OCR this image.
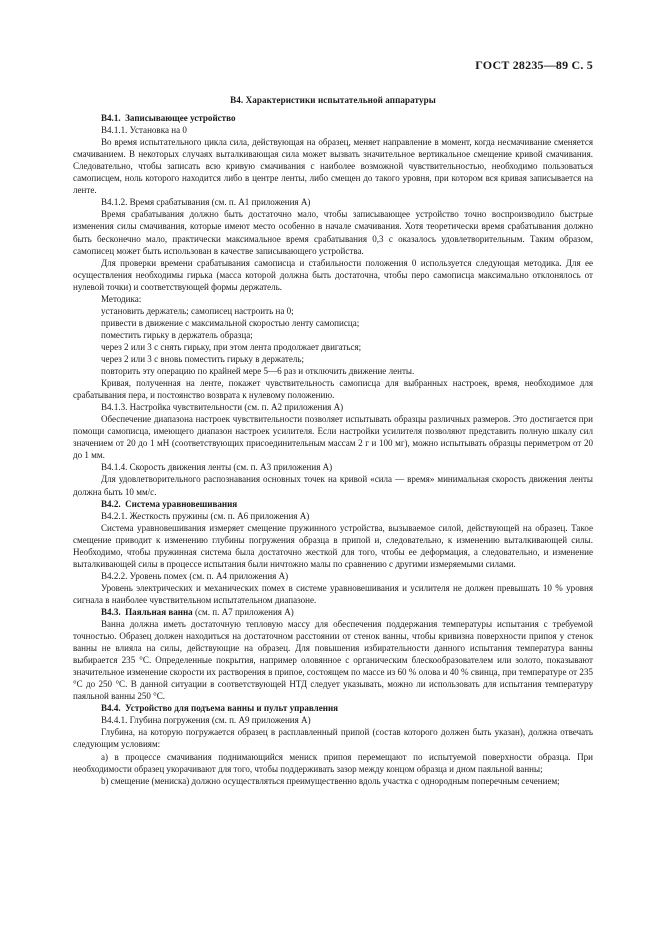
ГОСТ 28235—89 С. 5
В4. Характеристики испытательной аппаратуры

В4.1. Записывающее устройство

В4.1.1. Установка на 0

Во время испытательного цикла сила, действующая на образец, меняет направление в момент, когда несмачивание сменяется смачиванием. В некоторых случаях выталкивающая сила может вызвать значительное вертикальное смещение кривой смачивания. Следовательно, чтобы записать всю кривую смачивания с наиболее возможной чувствительностью, необходимо пользоваться самописцем, ноль которого находится либо в центре ленты, либо смещен до такого уровня, при котором вся кривая записывается на ленте.

В4.1.2. Время срабатывания (см. п. А1 приложения А)

Время срабатывания должно быть достаточно мало, чтобы записывающее устройство точно воспроизводило быстрые изменения силы смачивания, которые имеют место особенно в начале смачивания. Хотя теоретически время срабатывания должно быть бесконечно мало, практически максимальное время срабатывания 0,3 с оказалось удовлетворительным. Таким образом, самописец может быть использован в качестве записывающего устройства.

Для проверки времени срабатывания самописца и стабильности положения 0 используется следующая методика. Для ее осуществления необходимы гирька (масса которой должна быть достаточна, чтобы перо самописца максимально отклонялось от нулевой точки) и соответствующей формы держатель.

Методика:

установить держатель; самописец настроить на 0;

привести в движение с максимальной скоростью ленту самописца;

поместить гирьку в держатель образца;

через 2 или 3 с снять гирьку, при этом лента продолжает двигаться;

через 2 или 3 с вновь поместить гирьку в держатель;

повторить эту операцию по крайней мере 5—6 раз и отключить движение ленты.

Кривая, полученная на ленте, покажет чувствительность самописца для выбранных настроек, время, необходимое для срабатывания пера, и постоянство возврата к нулевому положению.

В4.1.3. Настройка чувствительности (см. п. А2 приложения А)

Обеспечение диапазона настроек чувствительности позволяет испытывать образцы различных размеров. Это достигается при помощи самописца, имеющего диапазон настроек усилителя. Если настройки усилителя позволяют представить полную шкалу сил значением от 20 до 1 мН (соответствующих присоединительным массам 2 г и 100 мг), можно испытывать образцы периметром от 20 до 1 мм.

В4.1.4. Скорость движения ленты (см. п. А3 приложения А)

Для удовлетворительного распознавания основных точек на кривой «сила — время» минимальная скорость движения ленты должна быть 10 мм/с.

В4.2. Система уравновешивания

В4.2.1. Жесткость пружины (см. п. А6 приложения А)

Система уравновешивания измеряет смещение пружинного устройства, вызываемое силой, действующей на образец. Такое смещение приводит к изменению глубины погружения образца в припой и, следовательно, к изменению выталкивающей силы. Необходимо, чтобы пружинная система была достаточно жесткой для того, чтобы ее деформация, а следовательно, и изменение выталкивающей силы в процессе испытания были ничтожно малы по сравнению с другими измеряемыми силами.

В4.2.2. Уровень помех (см. п. А4 приложения А)

Уровень электрических и механических помех в системе уравновешивания и усилителя не должен превышать 10 % уровня сигнала в наиболее чувствительном испытательном диапазоне.

В4.3. Паяльная ванна (см. п. А7 приложения А)

Ванна должна иметь достаточную тепловую массу для обеспечения поддержания температуры испытания с требуемой точностью. Образец должен находиться на достаточном расстоянии от стенок ванны, чтобы кривизна поверхности припоя у стенок ванны не влияла на силы, действующие на образец. Для повышения избирательности данного испытания температура ванны выбирается 235 °С. Определенные покрытия, например оловянное с органическим блескообразователем или золото, показывают значительное изменение скорости их растворения в припое, состоящем по массе из 60 % олова и 40 % свинца, при температуре от 235 °С до 250 °С. В данной ситуации в соответствующей НТД следует указывать, можно ли использовать для испытания температуру паяльной ванны 250 °С.

В4.4. Устройство для подъема ванны и пульт управления

В4.4.1. Глубина погружения (см. п. А9 приложения А)

Глубина, на которую погружается образец в расплавленный припой (состав которого должен быть указан), должна отвечать следующим условиям:

а) в процессе смачивания поднимающийся мениск припоя перемещают по испытуемой поверхности образца. При необходимости образец укорачивают для того, чтобы поддерживать зазор между концом образца и дном паяльной ванны;

b) смещение (мениска) должно осуществляться преимущественно вдоль участка с однородным поперечным сечением;
